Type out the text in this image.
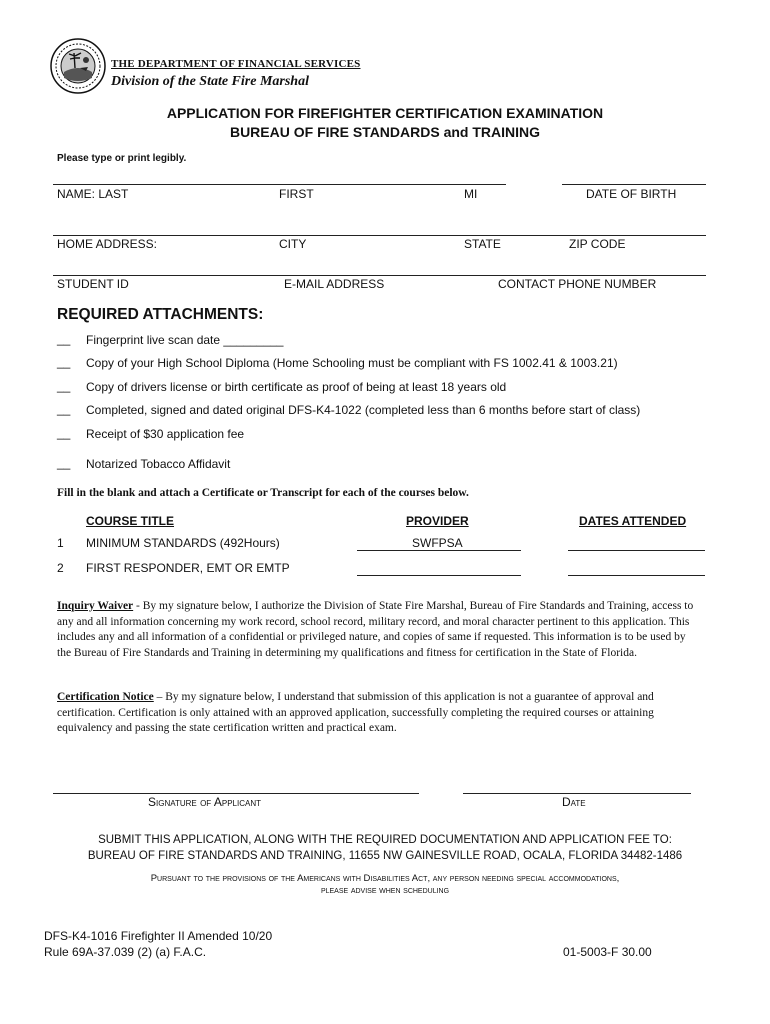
THE DEPARTMENT OF FINANCIAL SERVICES
Division of the State Fire Marshal
APPLICATION FOR FIREFIGHTER CERTIFICATION EXAMINATION
BUREAU OF FIRE STANDARDS and TRAINING
Please type or print legibly.
NAME: LAST	FIRST	MI	DATE OF BIRTH
HOME ADDRESS:	CITY	STATE	ZIP CODE
STUDENT ID	E-MAIL ADDRESS	CONTACT PHONE NUMBER
REQUIRED ATTACHMENTS:
__ Fingerprint live scan date _________
__ Copy of your High School Diploma (Home Schooling must be compliant with FS 1002.41 & 1003.21)
__ Copy of drivers license or birth certificate as proof of being at least 18 years old
__ Completed, signed and dated original DFS-K4-1022 (completed less than 6 months before start of class)
__ Receipt of $30 application fee
__ Notarized Tobacco Affidavit
Fill in the blank and attach a Certificate or Transcript for each of the courses below.
COURSE TITLE	PROVIDER	DATES ATTENDED
1 MINIMUM STANDARDS (492Hours)	SWFPSA
2 FIRST RESPONDER, EMT OR EMTP
Inquiry Waiver - By my signature below, I authorize the Division of State Fire Marshal, Bureau of Fire Standards and Training, access to any and all information concerning my work record, school record, military record, and moral character pertinent to this application. This includes any and all information of a confidential or privileged nature, and copies of same if requested. This information is to be used by the Bureau of Fire Standards and Training in determining my qualifications and fitness for certification in the State of Florida.
Certification Notice – By my signature below, I understand that submission of this application is not a guarantee of approval and certification. Certification is only attained with an approved application, successfully completing the required courses or attaining equivalency and passing the state certification written and practical exam.
Signature of Applicant	Date
SUBMIT THIS APPLICATION, ALONG WITH THE REQUIRED DOCUMENTATION AND APPLICATION FEE TO:
BUREAU OF FIRE STANDARDS AND TRAINING, 11655 NW GAINESVILLE ROAD, OCALA, FLORIDA 34482-1486
Pursuant to the provisions of the Americans with Disabilities Act, any person needing special accommodations,
please advise when scheduling
DFS-K4-1016 Firefighter II Amended 10/20
Rule 69A-37.039 (2) (a) F.A.C.	01-5003-F 30.00
